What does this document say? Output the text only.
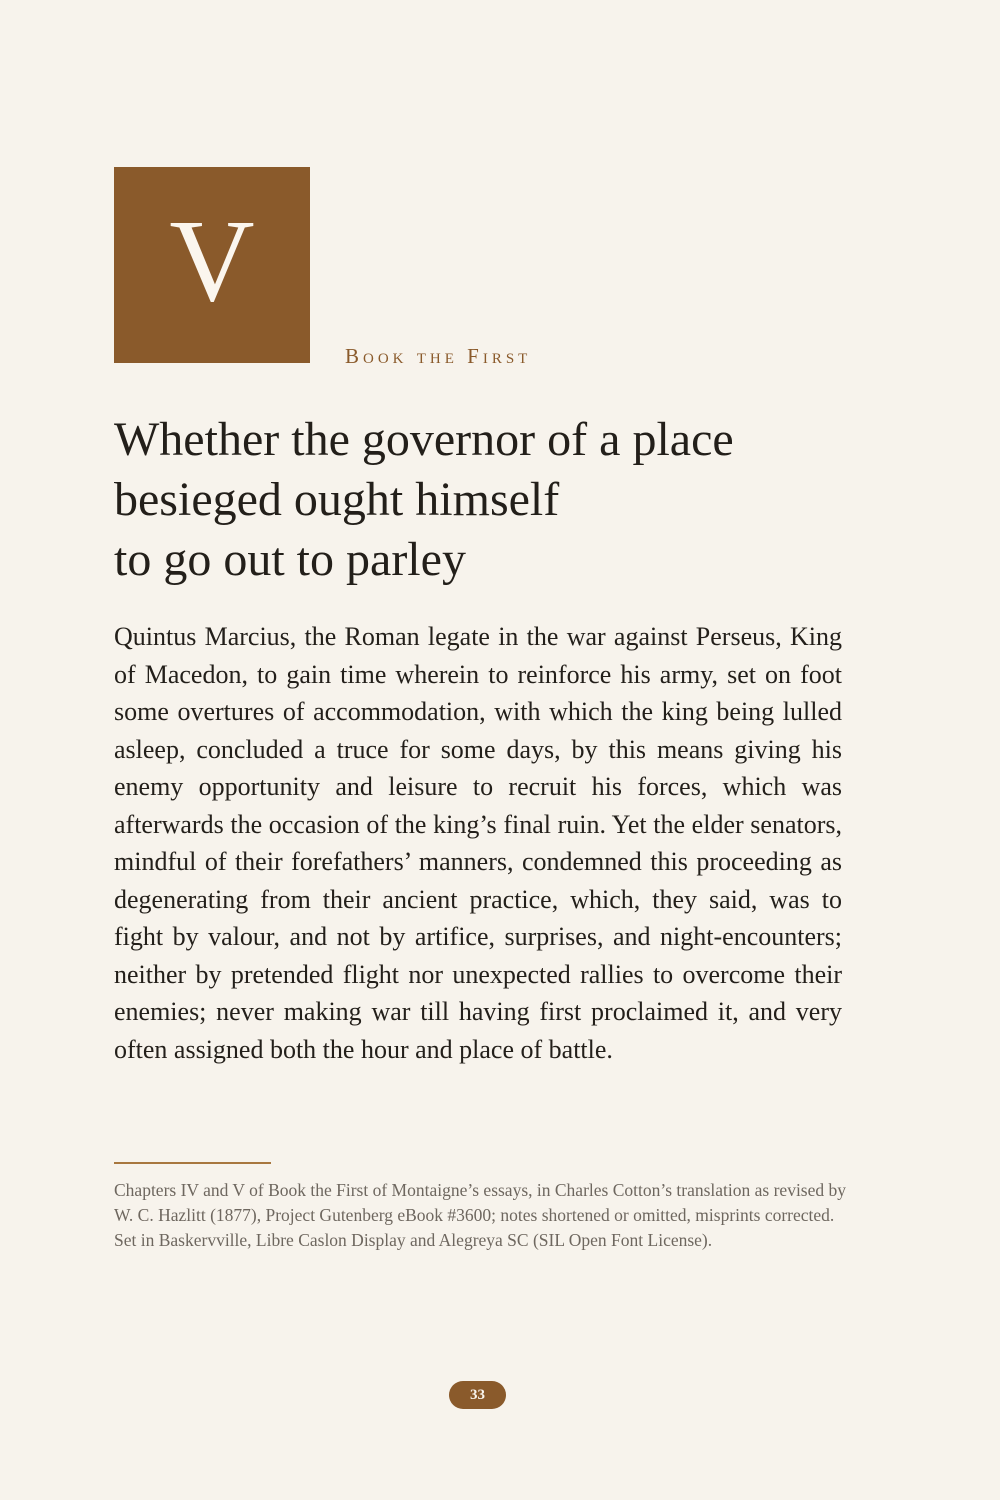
V
Book the First
Whether the governor of a place
besieged ought himself
to go out to parley

Quintus Marcius, the Roman legate in the war against Perseus, King of Macedon, to gain time wherein to reinforce his army, set on foot some overtures of accommodation, with which the king being lulled asleep, concluded a truce for some days, by this means giving his enemy opportunity and leisure to recruit his forces, which was afterwards the occasion of the king’s final ruin. Yet the elder senators, mindful of their forefathers’ manners, condemned this proceeding as degenerating from their ancient practice, which, they said, was to fight by valour, and not by artifice, surprises, and night-encounters; neither by pretended flight nor unexpected rallies to overcome their enemies; never making war till having first proclaimed it, and very often assigned both the hour and place of battle.

Chapters IV and V of Book the First of Montaigne’s essays, in Charles Cotton’s translation as revised by W. C. Hazlitt (1877), Project Gutenberg eBook #3600; notes shortened or omitted, misprints corrected. Set in Baskervville, Libre Caslon Display and Alegreya SC (SIL Open Font License).

33
